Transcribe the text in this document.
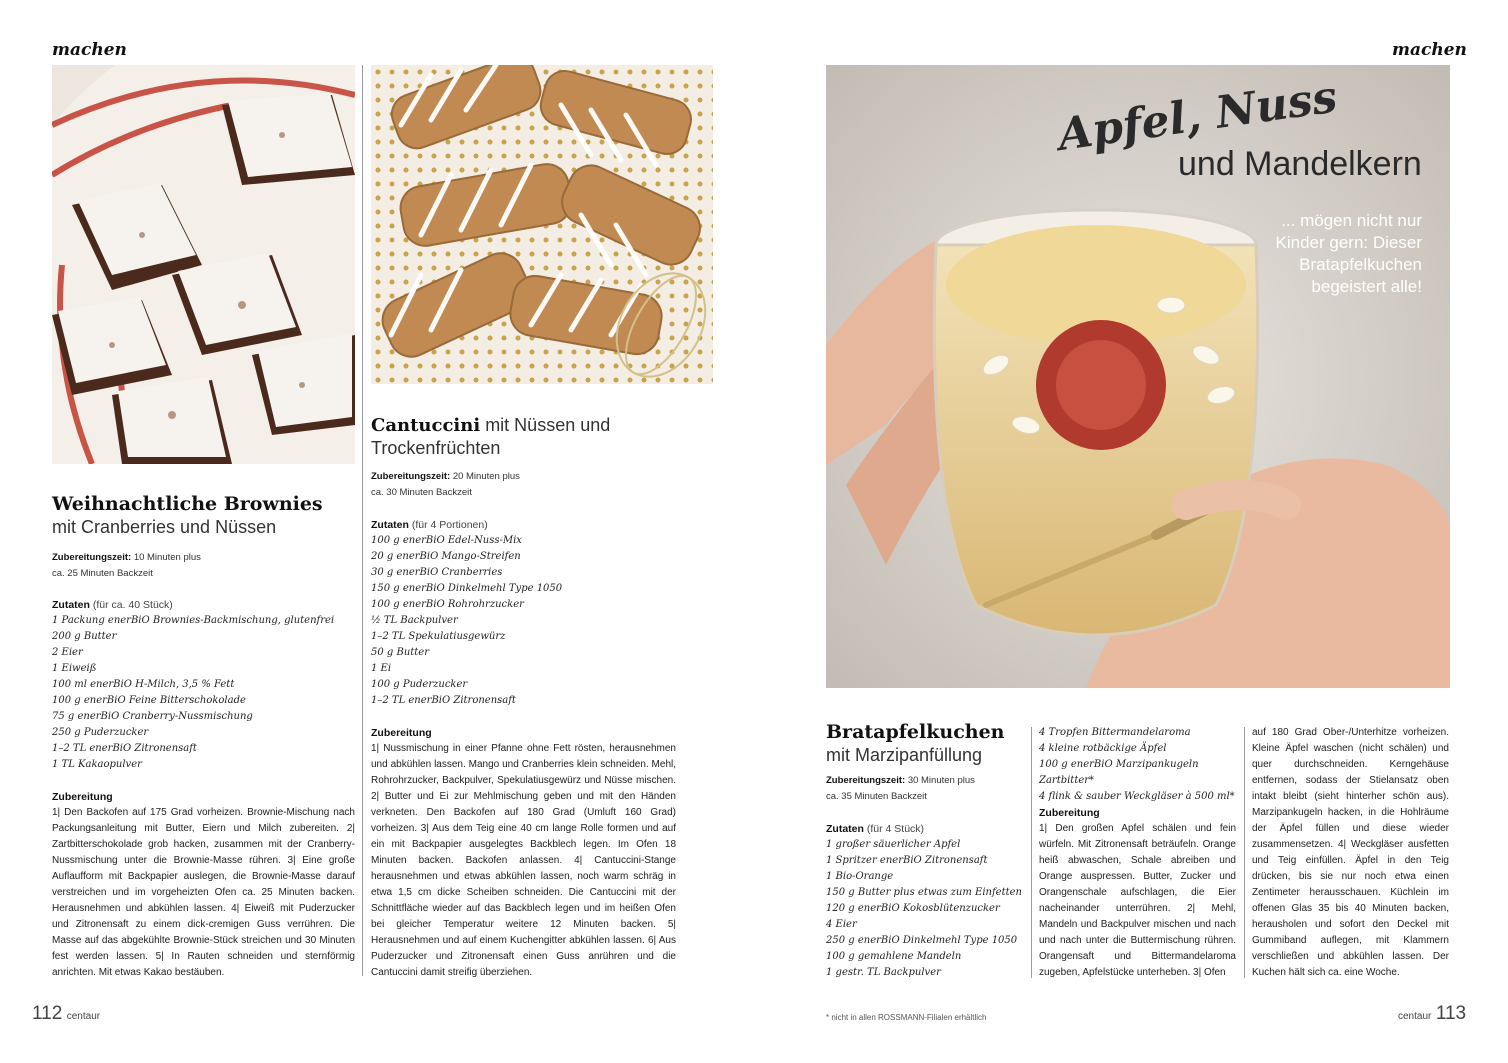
machen
Weihnachtliche Brownies
mit Cranberries und Nüssen
Zubereitungszeit: 10 Minuten plus
ca. 25 Minuten Backzeit
Zutaten (für ca. 40 Stück)
1 Packung enerBiO Brownies-Backmischung, glutenfrei
200 g Butter
2 Eier
1 Eiweiß
100 ml enerBiO H-Milch, 3,5 % Fett
100 g enerBiO Feine Bitterschokolade
75 g enerBiO Cranberry-Nussmischung
250 g Puderzucker
1–2 TL enerBiO Zitronensaft
1 TL Kakaopulver
Zubereitung
1| Den Backofen auf 175 Grad vorheizen. Brownie-Mischung nach Packungsanleitung mit Butter, Eiern und Milch zubereiten. 2| Zartbitterschokolade grob hacken, zusammen mit der Cranberry-Nussmischung unter die Brownie-Masse rühren. 3| Eine große Auflaufform mit Backpapier auslegen, die Brownie-Masse darauf verstreichen und im vorgeheizten Ofen ca. 25 Minuten backen. Herausnehmen und abkühlen lassen. 4| Eiweiß mit Puderzucker und Zitronensaft zu einem dick-cremigen Guss verrühren. Die Masse auf das abgekühlte Brownie-Stück streichen und 30 Minuten fest werden lassen. 5| In Rauten schneiden und sternförmig anrichten. Mit etwas Kakao bestäuben.
Cantuccini mit Nüssen und Trockenfrüchten
Zubereitungszeit: 20 Minuten plus
ca. 30 Minuten Backzeit
Zutaten (für 4 Portionen)
100 g enerBiO Edel-Nuss-Mix
20 g enerBiO Mango-Streifen
30 g enerBiO Cranberries
150 g enerBiO Dinkelmehl Type 1050
100 g enerBiO Rohrohrzucker
½ TL Backpulver
1–2 TL Spekulatiusgewürz
50 g Butter
1 Ei
100 g Puderzucker
1–2 TL enerBiO Zitronensaft
Zubereitung
1| Nussmischung in einer Pfanne ohne Fett rösten, herausnehmen und abkühlen lassen. Mango und Cranberries klein schneiden. Mehl, Rohrohrzucker, Backpulver, Spekulatiusgewürz und Nüsse mischen. 2| Butter und Ei zur Mehlmischung geben und mit den Händen verkneten. Den Backofen auf 180 Grad (Umluft 160 Grad) vorheizen. 3| Aus dem Teig eine 40 cm lange Rolle formen und auf ein mit Backpapier ausgelegtes Backblech legen. Im Ofen 18 Minuten backen. Backofen anlassen. 4| Cantuccini-Stange herausnehmen und etwas abkühlen lassen, noch warm schräg in etwa 1,5 cm dicke Scheiben schneiden. Die Cantuccini mit der Schnittfläche wieder auf das Backblech legen und im heißen Ofen bei gleicher Temperatur weitere 12 Minuten backen. 5| Herausnehmen und auf einem Kuchengitter abkühlen lassen. 6| Aus Puderzucker und Zitronensaft einen Guss anrühren und die Cantuccini damit streifig überziehen.
112 centaur
machen
Apfel, Nuss
und Mandelkern
... mögen nicht nur Kinder gern: Dieser Bratapfelkuchen begeistert alle!
Bratapfelkuchen
mit Marzipanfüllung
Zubereitungszeit: 30 Minuten plus
ca. 35 Minuten Backzeit
Zutaten (für 4 Stück)
1 großer säuerlicher Apfel
1 Spritzer enerBiO Zitronensaft
1 Bio-Orange
150 g Butter plus etwas zum Einfetten
120 g enerBiO Kokosblütenzucker
4 Eier
250 g enerBiO Dinkelmehl Type 1050
100 g gemahlene Mandeln
1 gestr. TL Backpulver
4 Tropfen Bittermandelaroma
4 kleine rotbäckige Äpfel
100 g enerBiO Marzipankugeln Zartbitter*
4 flink & sauber Weckgläser à 500 ml*
Zubereitung
1| Den großen Apfel schälen und fein würfeln. Mit Zitronensaft beträufeln. Orange heiß abwaschen, Schale abreiben und Orange auspressen. Butter, Zucker und Orangenschale aufschlagen, die Eier nacheinander unterrühren. 2| Mehl, Mandeln und Backpulver mischen und nach und nach unter die Buttermischung rühren. Orangensaft und Bittermandelaroma zugeben, Apfelstücke unterheben. 3| Ofen
auf 180 Grad Ober-/Unterhitze vorheizen. Kleine Äpfel waschen (nicht schälen) und quer durchschneiden. Kerngehäuse entfernen, sodass der Stielansatz oben intakt bleibt (sieht hinterher schön aus). Marzipankugeln hacken, in die Hohlräume der Äpfel füllen und diese wieder zusammensetzen. 4| Weckgläser ausfetten und Teig einfüllen. Äpfel in den Teig drücken, bis sie nur noch etwa einen Zentimeter herausschauen. Küchlein im offenen Glas 35 bis 40 Minuten backen, herausholen und sofort den Deckel mit Gummiband auflegen, mit Klammern verschließen und abkühlen lassen. Der Kuchen hält sich ca. eine Woche.
* nicht in allen ROSSMANN-Filialen erhältlich	centaur 113
